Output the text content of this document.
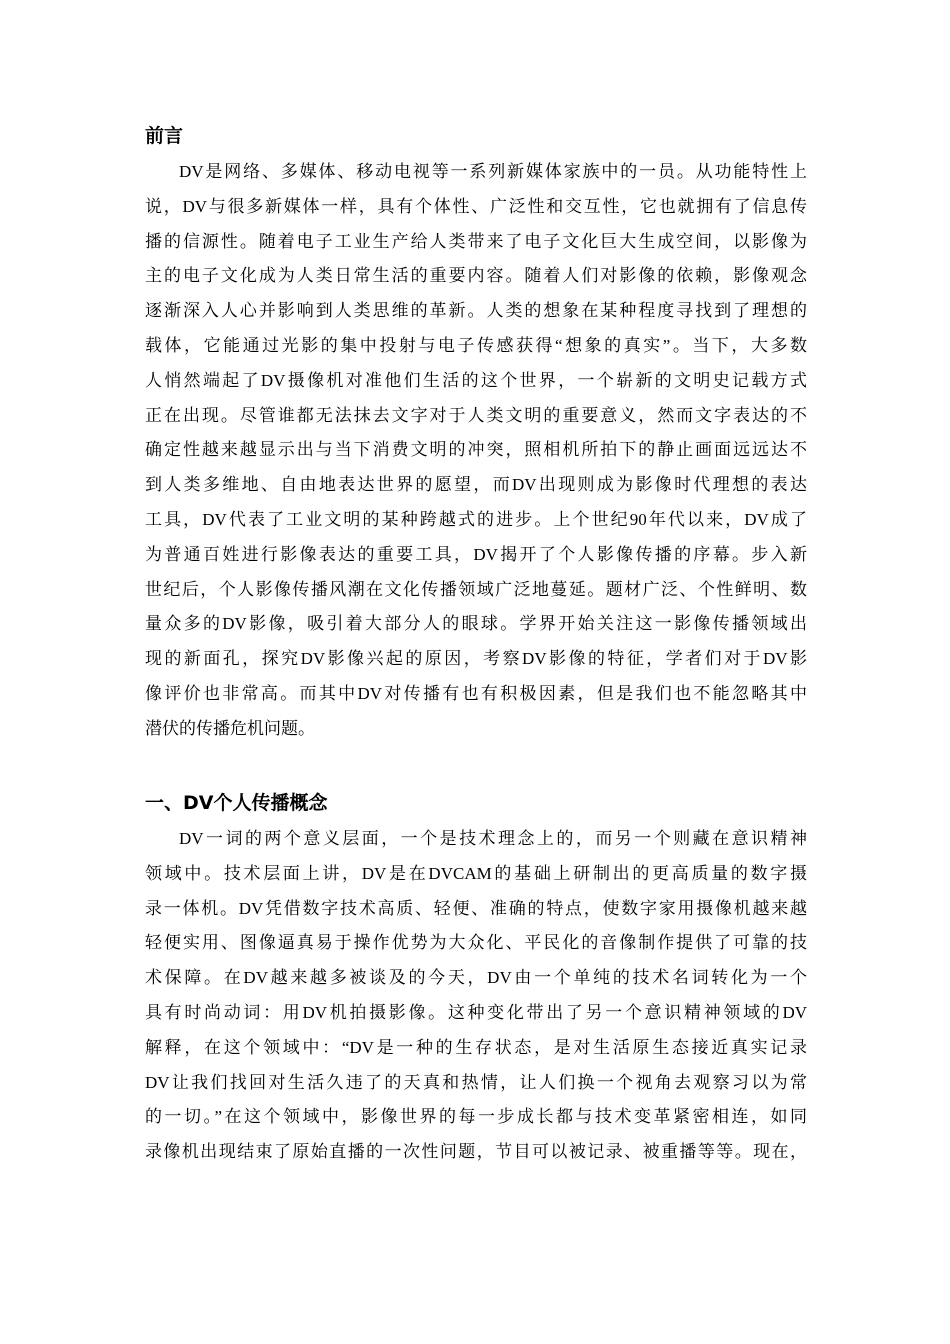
前言
DV是网络、多媒体、移动电视等一系列新媒体家族中的一员。从功能特性上
说，DV与很多新媒体一样，具有个体性、广泛性和交互性，它也就拥有了信息传
播的信源性。随着电子工业生产给人类带来了电子文化巨大生成空间，以影像为
主的电子文化成为人类日常生活的重要内容。随着人们对影像的依赖，影像观念
逐渐深入人心并影响到人类思维的革新。人类的想象在某种程度寻找到了理想的
载体，它能通过光影的集中投射与电子传感获得“想象的真实”。当下，大多数
人悄然端起了DV摄像机对准他们生活的这个世界，一个崭新的文明史记载方式
正在出现。尽管谁都无法抹去文字对于人类文明的重要意义，然而文字表达的不
确定性越来越显示出与当下消费文明的冲突，照相机所拍下的静止画面远远达不
到人类多维地、自由地表达世界的愿望，而DV出现则成为影像时代理想的表达
工具，DV代表了工业文明的某种跨越式的进步。上个世纪90年代以来，DV成了
为普通百姓进行影像表达的重要工具，DV揭开了个人影像传播的序幕。步入新
世纪后，个人影像传播风潮在文化传播领域广泛地蔓延。题材广泛、个性鲜明、数
量众多的DV影像，吸引着大部分人的眼球。学界开始关注这一影像传播领域出
现的新面孔，探究DV影像兴起的原因，考察DV影像的特征，学者们对于DV影
像评价也非常高。而其中DV对传播有也有积极因素，但是我们也不能忽略其中
潜伏的传播危机问题。
一、DV个人传播概念
DV一词的两个意义层面，一个是技术理念上的，而另一个则藏在意识精神
领域中。技术层面上讲，DV是在DVCAM的基础上研制出的更高质量的数字摄
录一体机。DV凭借数字技术高质、轻便、准确的特点，使数字家用摄像机越来越
轻便实用、图像逼真易于操作优势为大众化、平民化的音像制作提供了可靠的技
术保障。在DV越来越多被谈及的今天，DV由一个单纯的技术名词转化为一个
具有时尚动词：用DV机拍摄影像。这种变化带出了另一个意识精神领域的DV
解释，在这个领域中：“DV是一种的生存状态，是对生活原生态接近真实记录
DV让我们找回对生活久违了的天真和热情，让人们换一个视角去观察习以为常
的一切。”在这个领域中，影像世界的每一步成长都与技术变革紧密相连，如同
录像机出现结束了原始直播的一次性问题，节目可以被记录、被重播等等。现在，
